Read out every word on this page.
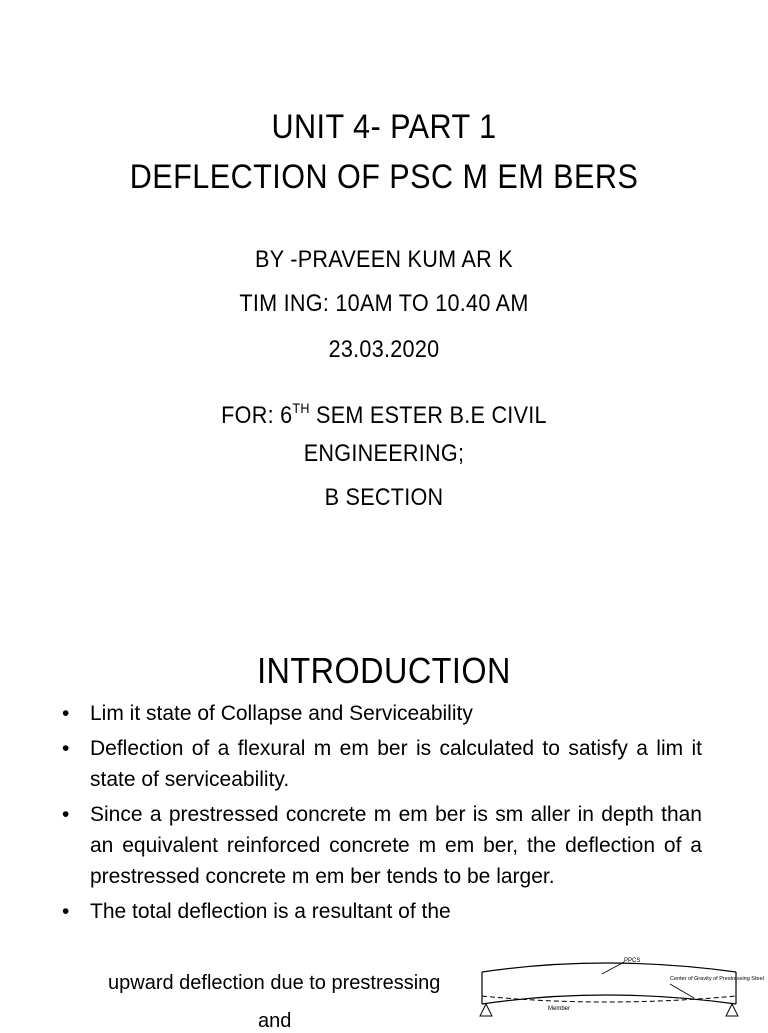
UNIT 4- PART 1
DEFLECTION OF PSC M EM BERS
BY -PRAVEEN KUM AR K
TIM ING: 10AM TO 10.40 AM
23.03.2020
FOR: 6TH SEM ESTER B.E CIVIL
ENGINEERING;
B SECTION
INTRODUCTION
• Lim it state of Collapse and Serviceability
• Deflection of a flexural m em ber is calculated to satisfy a lim it state of serviceability.
• Since a prestressed concrete m em ber is sm aller in depth than an equivalent reinforced concrete m em ber, the deflection of a prestressed concrete m em ber tends to be larger.
• The total deflection is a resultant of the
upward deflection due to prestressing
and
PPCS
Center of Gravity of Prestressing Steel
Member
